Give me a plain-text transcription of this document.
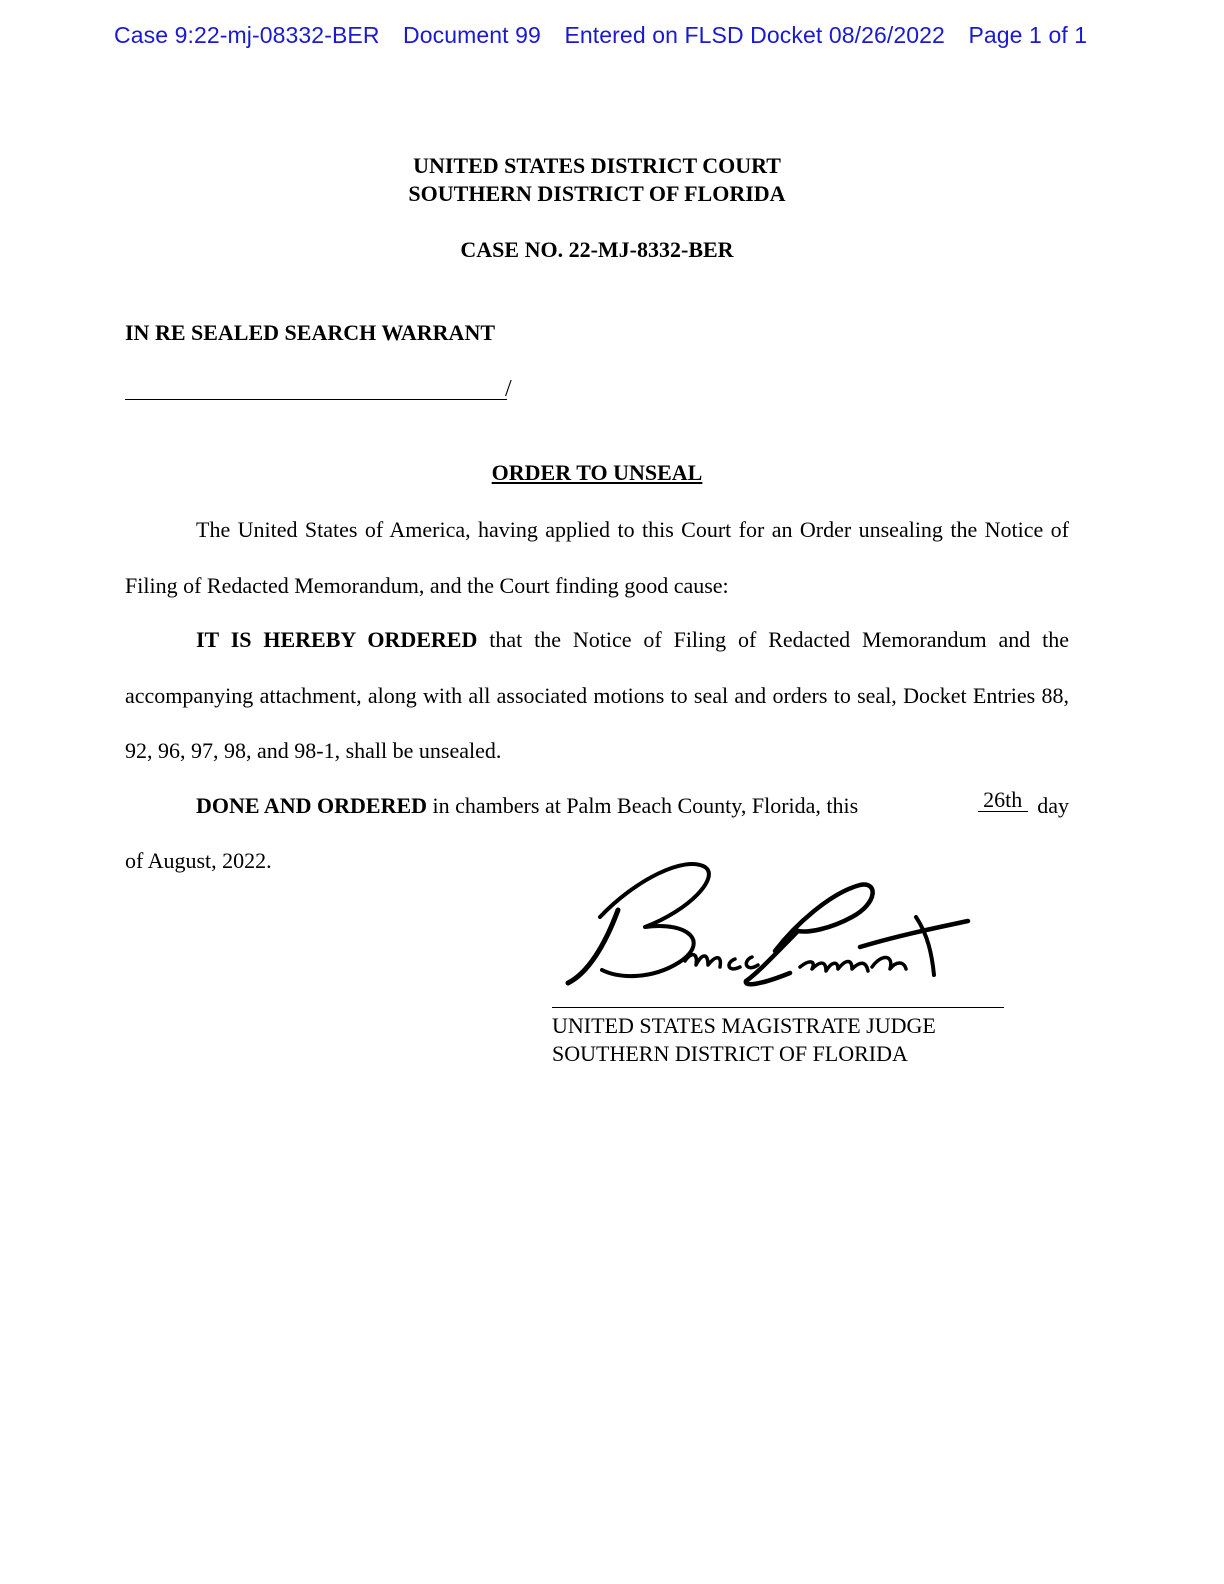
Case 9:22-mj-08332-BER Document 99 Entered on FLSD Docket 08/26/2022 Page 1 of 1
UNITED STATES DISTRICT COURT
SOUTHERN DISTRICT OF FLORIDA
CASE NO. 22-MJ-8332-BER
IN RE SEALED SEARCH WARRANT
/
ORDER TO UNSEAL
The United States of America, having applied to this Court for an Order unsealing the Notice of Filing of Redacted Memorandum, and the Court finding good cause:
IT IS HEREBY ORDERED that the Notice of Filing of Redacted Memorandum and the accompanying attachment, along with all associated motions to seal and orders to seal, Docket Entries 88, 92, 96, 97, 98, and 98-1, shall be unsealed.
DONE AND ORDERED in chambers at Palm Beach County, Florida, this	26th day
of August, 2022.
UNITED STATES MAGISTRATE JUDGE
SOUTHERN DISTRICT OF FLORIDA
